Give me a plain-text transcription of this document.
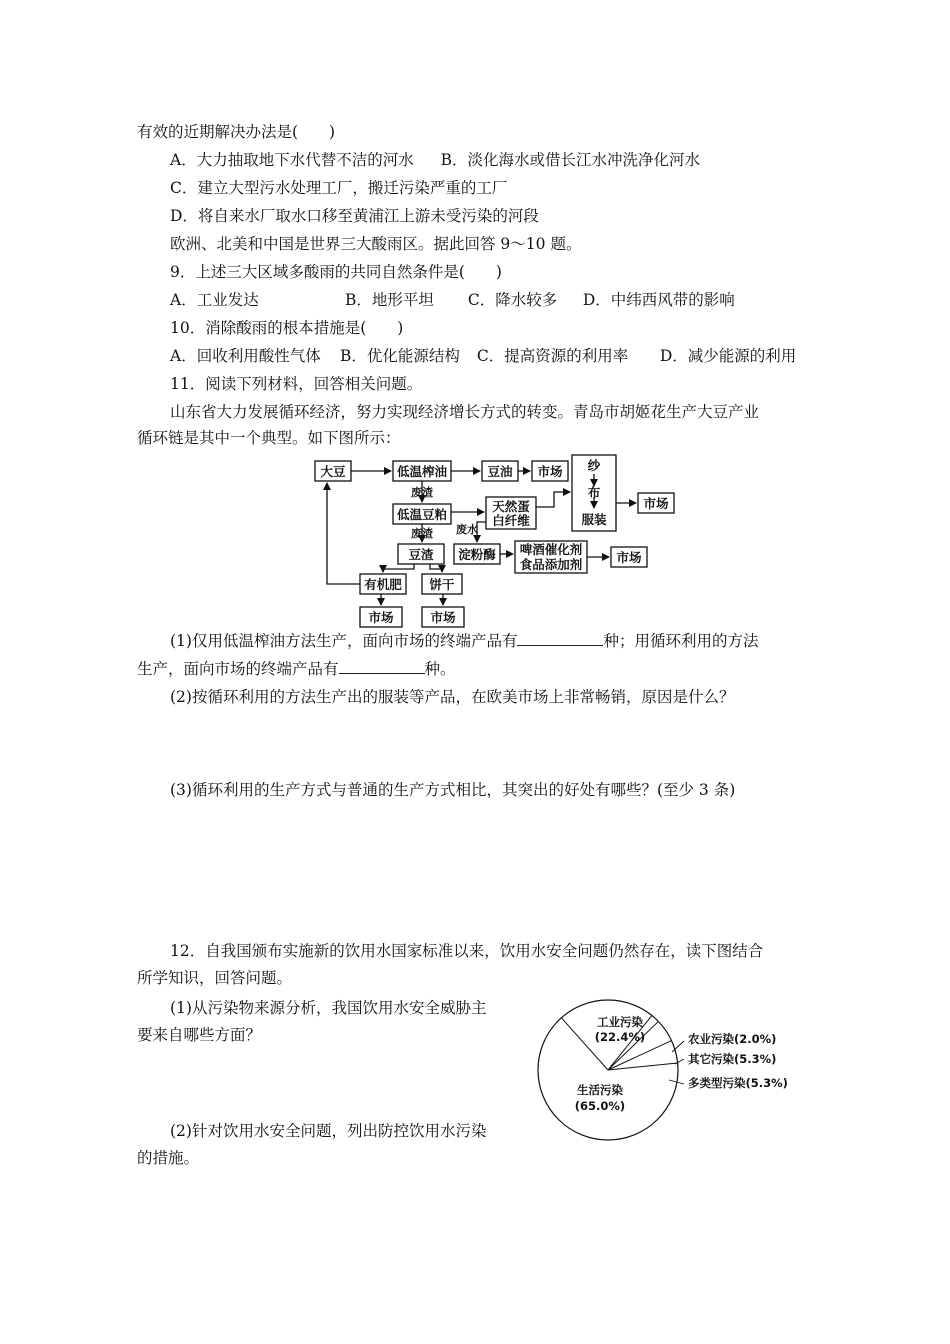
有效的近期解决办法是(　　)
A．大力抽取地下水代替不洁的河水 B．淡化海水或借长江水冲洗净化河水
C．建立大型污水处理工厂，搬迁污染严重的工厂
D．将自来水厂取水口移至黄浦江上游未受污染的河段
欧洲、北美和中国是世界三大酸雨区。据此回答 9～10 题。
9．上述三大区域多酸雨的共同自然条件是(　　)
A．工业发达	B．地形平坦 C．降水较多 D．中纬西风带的影响
10．消除酸雨的根本措施是(　　)
A．回收利用酸性气体 B．优化能源结构 C．提高资源的利用率 D．减少能源的利用
11．阅读下列材料，回答相关问题。
山东省大力发展循环经济，努力实现经济增长方式的转变。青岛市胡姬花生产大豆产业
循环链是其中一个典型。如下图所示：
大豆	低温榨油	豆油 市场 纱
布
服装
市场
废渣
低温豆粕
天然蛋
白纤维
废渣 废水
豆渣 淀粉酶 啤酒催化剂
食品添加剂	市场
有机肥 饼干
市场	市场
(1)仅用低温榨油方法生产，面向市场的终端产品有	种；用循环利用的方法
生产，面向市场的终端产品有	种。
(2)按循环利用的方法生产出的服装等产品，在欧美市场上非常畅销，原因是什么？
(3)循环利用的生产方式与普通的生产方式相比，其突出的好处有哪些？(至少 3 条)
12．自我国颁布实施新的饮用水国家标准以来，饮用水安全问题仍然存在，读下图结合
所学知识，回答问题。
(1)从污染物来源分析，我国饮用水安全威胁主
要来自哪些方面？
(2)针对饮用水安全问题，列出防控饮用水污染
的措施。
工业污染
(22.4%)
生活污染
(65.0%)
农业污染(2.0%)
其它污染(5.3%)
多类型污染(5.3%)
